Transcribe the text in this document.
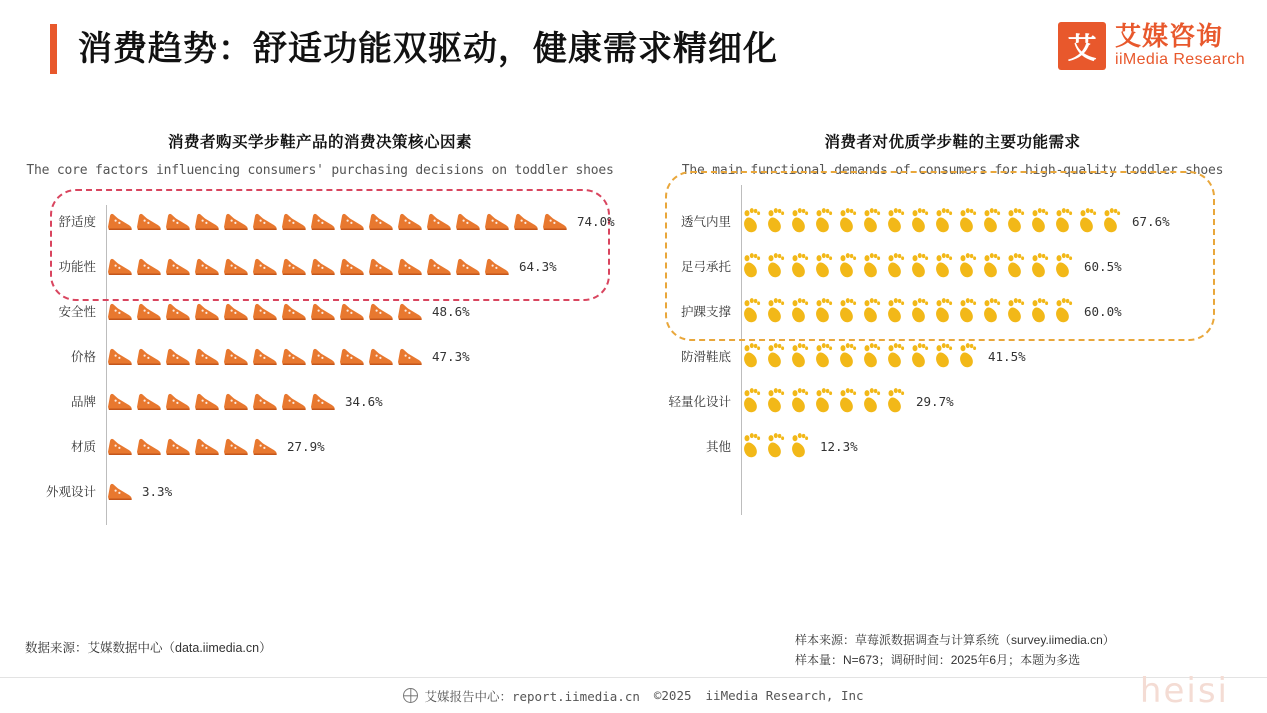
消费趋势：舒适功能双驱动，健康需求精细化	艾 艾媒咨询
iiMedia Research
消费者购买学步鞋产品的消费决策核心因素
The core factors influencing consumers' purchasing decisions on toddler shoes
舒适度	74.0%
功能性	64.3%
安全性	48.6%
价格	47.3%
品牌	34.6%
材质	27.9%
外观设计	3.3%
消费者对优质学步鞋的主要功能需求
The main functional demands of consumers for high-quality toddler shoes
透气内里	67.6%
足弓承托	60.5%
护踝支撑	60.0%
防滑鞋底	41.5%
轻量化设计	29.7%
其他	12.3%
数据来源：艾媒数据中心（data.iimedia.cn）
样本来源：草莓派数据调查与计算系统（survey.iimedia.cn）
样本量：N=673；调研时间：2025年6月；本题为多选
艾媒报告中心：report.iimedia.cn ©2025 iiMedia Research, Inc	heisi
